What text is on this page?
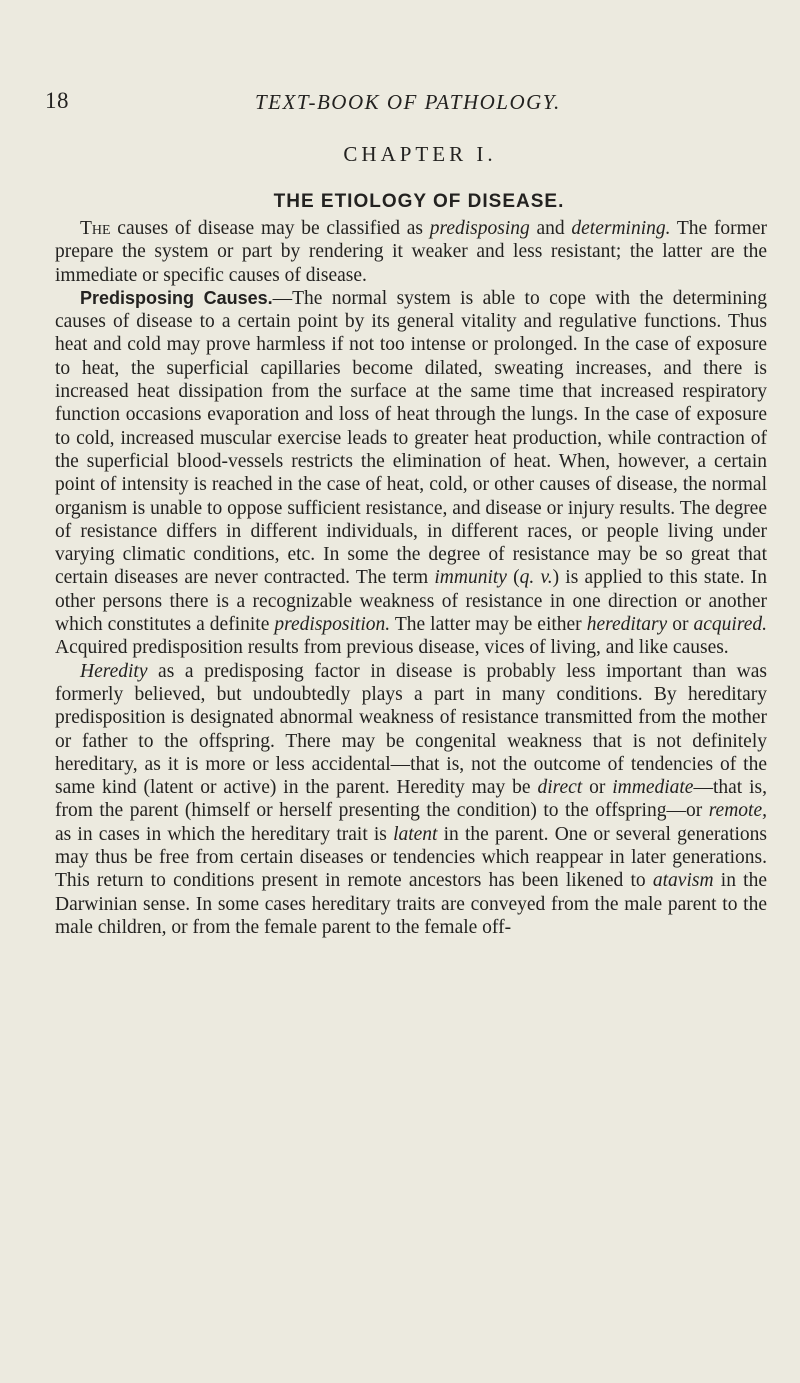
18	TEXT-BOOK OF PATHOLOGY.
CHAPTER I.
THE ETIOLOGY OF DISEASE.

The causes of disease may be classified as predisposing and determining. The former prepare the system or part by rendering it weaker and less resistant; the latter are the immediate or specific causes of disease.

Predisposing Causes.—The normal system is able to cope with the determining causes of disease to a certain point by its general vitality and regulative functions. Thus heat and cold may prove harmless if not too intense or prolonged. In the case of exposure to heat, the superficial capillaries become dilated, sweating increases, and there is increased heat dissipation from the surface at the same time that increased respiratory function occasions evaporation and loss of heat through the lungs. In the case of exposure to cold, increased muscular exercise leads to greater heat production, while contraction of the superficial blood-vessels restricts the elimination of heat. When, however, a certain point of intensity is reached in the case of heat, cold, or other causes of disease, the normal organism is unable to oppose sufficient resistance, and disease or injury results. The degree of resistance differs in different individuals, in different races, or people living under varying climatic conditions, etc. In some the degree of resistance may be so great that certain diseases are never contracted. The term immunity (q. v.) is applied to this state. In other persons there is a recognizable weakness of resistance in one direction or another which constitutes a definite predisposition. The latter may be either hereditary or acquired. Acquired predisposition results from previous disease, vices of living, and like causes.

Heredity as a predisposing factor in disease is probably less important than was formerly believed, but undoubtedly plays a part in many conditions. By hereditary predisposition is designated abnormal weakness of resistance transmitted from the mother or father to the offspring. There may be congenital weakness that is not definitely hereditary, as it is more or less accidental—that is, not the outcome of tendencies of the same kind (latent or active) in the parent. Heredity may be direct or immediate—that is, from the parent (himself or herself presenting the condition) to the offspring—or remote, as in cases in which the hereditary trait is latent in the parent. One or several generations may thus be free from certain diseases or tendencies which reappear in later generations. This return to conditions present in remote ancestors has been likened to atavism in the Darwinian sense. In some cases hereditary traits are conveyed from the male parent to the male children, or from the female parent to the female off-
